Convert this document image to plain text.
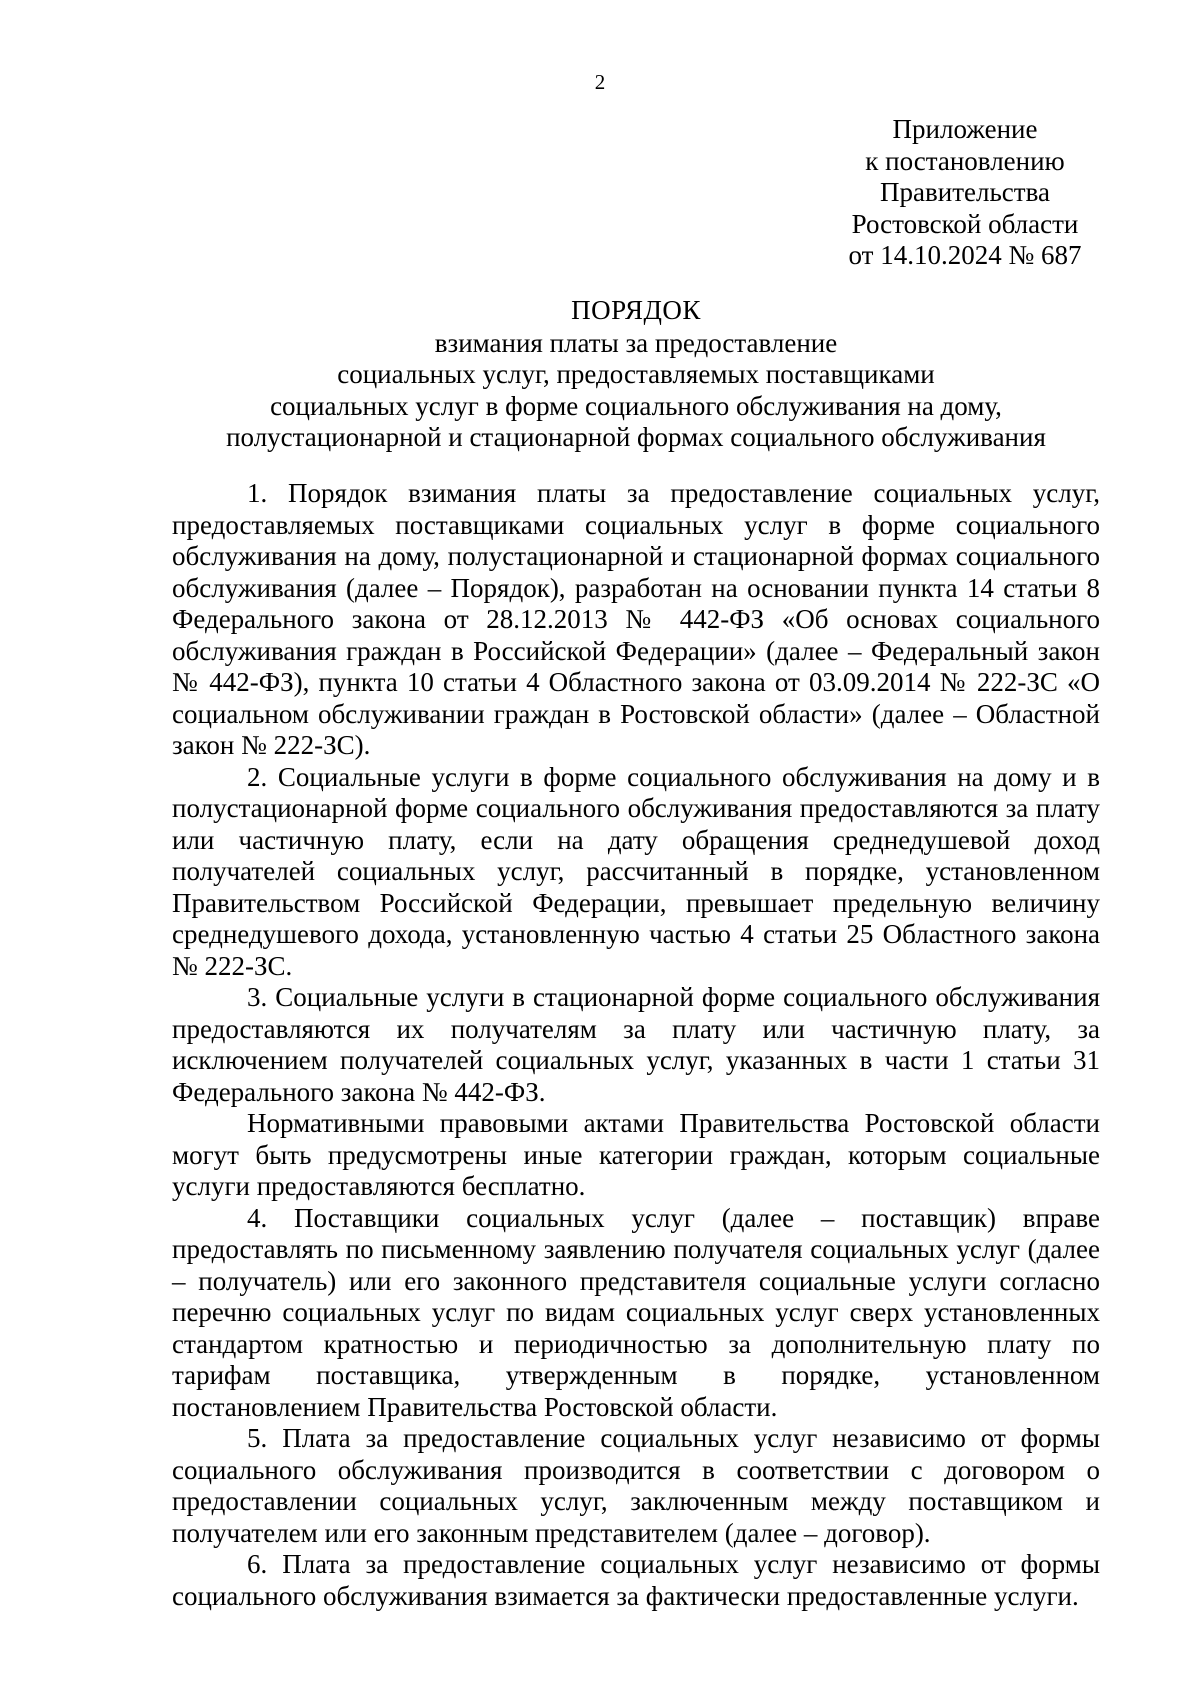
2
Приложение
к постановлению
Правительства
Ростовской области
от 14.10.2024 № 687
ПОРЯДОК
взимания платы за предоставление
социальных услуг, предоставляемых поставщиками
социальных услуг в форме социального обслуживания на дому,
полустационарной и стационарной формах социального обслуживания

1. Порядок взимания платы за предоставление социальных услуг, предоставляемых поставщиками социальных услуг в форме социального обслуживания на дому, полустационарной и стационарной формах социального обслуживания (далее – Порядок), разработан на основании пункта 14 статьи 8 Федерального закона от 28.12.2013 № 442-ФЗ «Об основах социального обслуживания граждан в Российской Федерации» (далее – Федеральный закон № 442-ФЗ), пункта 10 статьи 4 Областного закона от 03.09.2014 № 222-ЗС «О социальном обслуживании граждан в Ростовской области» (далее – Областной закон № 222-ЗС).

2. Социальные услуги в форме социального обслуживания на дому и в полустационарной форме социального обслуживания предоставляются за плату или частичную плату, если на дату обращения среднедушевой доход получателей социальных услуг, рассчитанный в порядке, установленном Правительством Российской Федерации, превышает предельную величину среднедушевого дохода, установленную частью 4 статьи 25 Областного закона № 222-ЗС.

3. Социальные услуги в стационарной форме социального обслуживания предоставляются их получателям за плату или частичную плату, за исключением получателей социальных услуг, указанных в части 1 статьи 31 Федерального закона № 442-ФЗ.

Нормативными правовыми актами Правительства Ростовской области могут быть предусмотрены иные категории граждан, которым социальные услуги предоставляются бесплатно.

4. Поставщики социальных услуг (далее – поставщик) вправе предоставлять по письменному заявлению получателя социальных услуг (далее – получатель) или его законного представителя социальные услуги согласно перечню социальных услуг по видам социальных услуг сверх установленных стандартом кратностью и периодичностью за дополнительную плату по тарифам поставщика, утвержденным в порядке, установленном постановлением Правительства Ростовской области.

5. Плата за предоставление социальных услуг независимо от формы социального обслуживания производится в соответствии с договором о предоставлении социальных услуг, заключенным между поставщиком и получателем или его законным представителем (далее – договор).

6. Плата за предоставление социальных услуг независимо от формы социального обслуживания взимается за фактически предоставленные услуги.
